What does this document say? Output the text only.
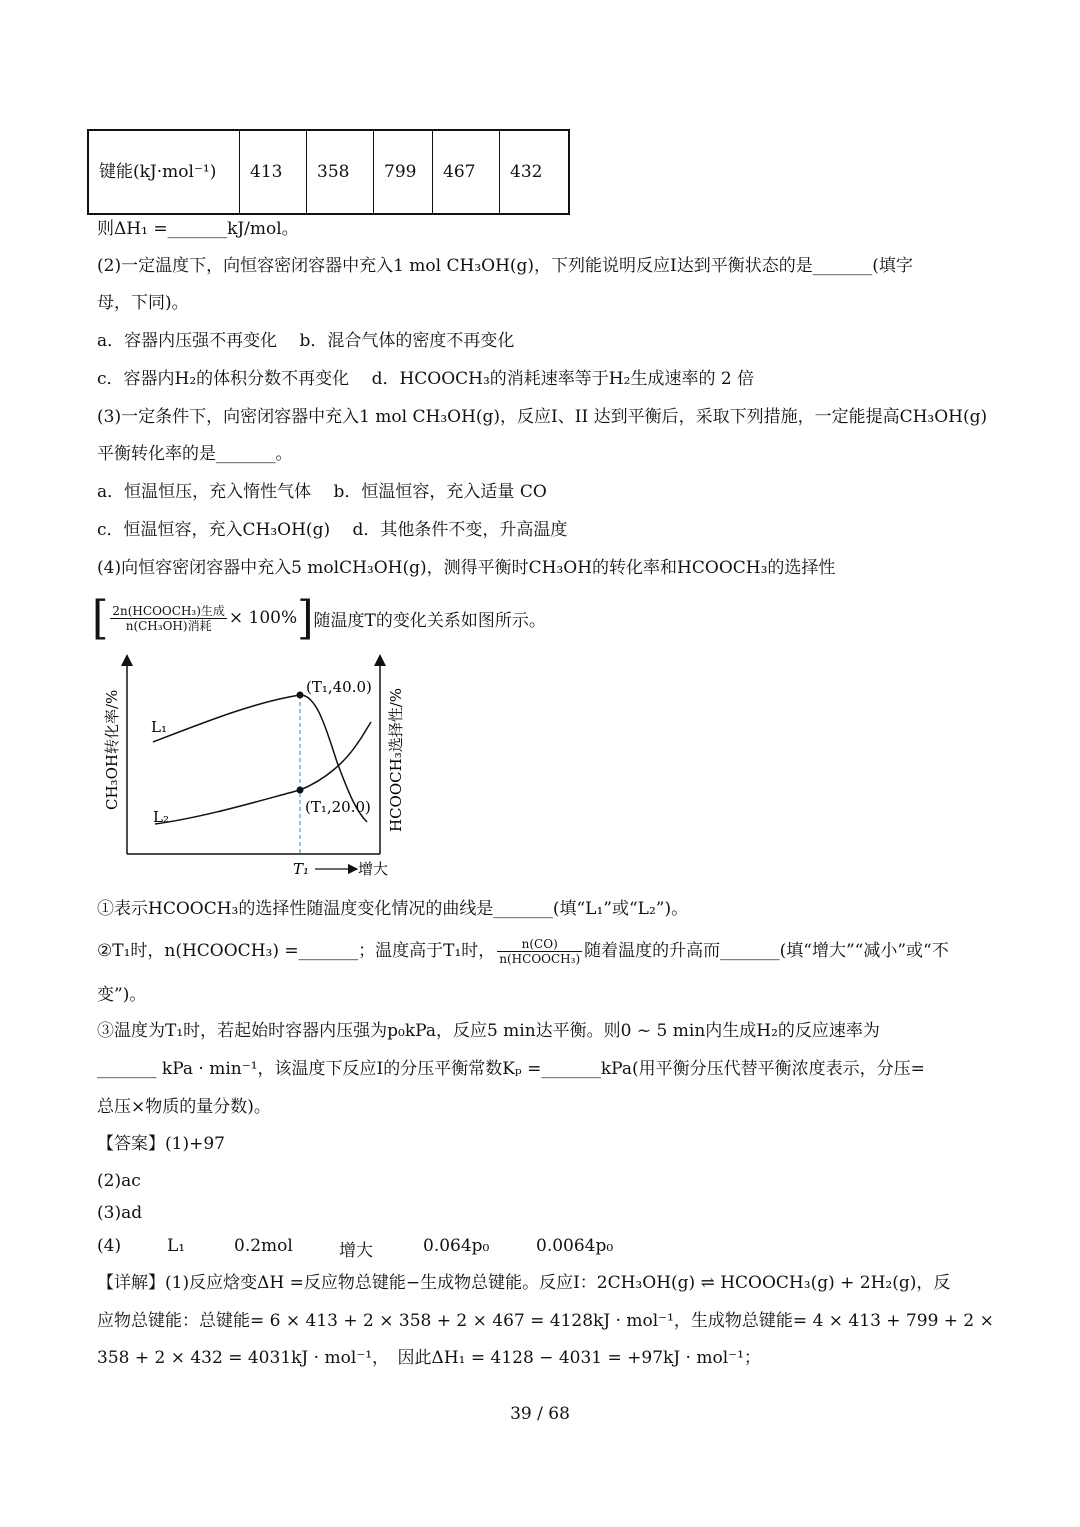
键能(kJ·mol⁻¹)	413	358	799	467	432
则ΔH₁ =_______kJ/mol。
(2)一定温度下，向恒容密闭容器中充入1 mol CH₃OH(g)，下列能说明反应I达到平衡状态的是_______(填字
母，下同)。
a．容器内压强不再变化　 b．混合气体的密度不再变化
c．容器内H₂的体积分数不再变化　 d．HCOOCH₃的消耗速率等于H₂生成速率的 2 倍
(3)一定条件下，向密闭容器中充入1 mol CH₃OH(g)，反应I、II 达到平衡后，采取下列措施，一定能提高CH₃OH(g)
平衡转化率的是_______。
a．恒温恒压，充入惰性气体　 b．恒温恒容，充入适量 CO
c．恒温恒容，充入CH₃OH(g)　 d．其他条件不变，升高温度
(4)向恒容密闭容器中充入5 molCH₃OH(g)，测得平衡时CH₃OH的转化率和HCOOCH₃的选择性
[ $\frac{\text{2n(HCOOCH₃)生成}}{\text{n(CH₃OH)消耗}} \times 100\%$ ] 随温度T的变化关系如图所示。
(T₁,40.0)
(T₁,20.0)
L₁
L₂
T₁	增大
CH₃OH转化率/%	HCOOCH₃选择性/%
①表示HCOOCH₃的选择性随温度变化情况的曲线是_______(填“L₁”或“L₂”)。
②T₁时，n(HCOOCH₃) =_______；温度高于T₁时， $\frac{n(CO)}{\text{n(HCOOCH₃)}}$ 随着温度的升高而_______(填“增大”“减小”或“不
变”)。
③温度为T₁时，若起始时容器内压强为p₀kPa，反应5 min达平衡。则0 ~ 5 min内生成H₂的反应速率为
_______ kPa · min⁻¹，该温度下反应I的分压平衡常数Kₚ =_______kPa(用平衡分压代替平衡浓度表示，分压=
总压×物质的量分数)。
【答案】(1)+97
(2)ac
(3)ad
(4)	L₁	0.2mol	增大	0.064p₀	0.0064p₀
【详解】(1)反应焓变ΔH =反应物总键能−生成物总键能。反应I：2CH₃OH(g) ⇌ HCOOCH₃(g) + 2H₂(g)，反
应物总键能：总键能= 6 × 413 + 2 × 358 + 2 × 467 = 4128kJ · mol⁻¹，生成物总键能= 4 × 413 + 799 + 2 ×
358 + 2 × 432 = 4031kJ · mol⁻¹，　因此ΔH₁ = 4128 − 4031 = +97kJ · mol⁻¹；
39 / 68
